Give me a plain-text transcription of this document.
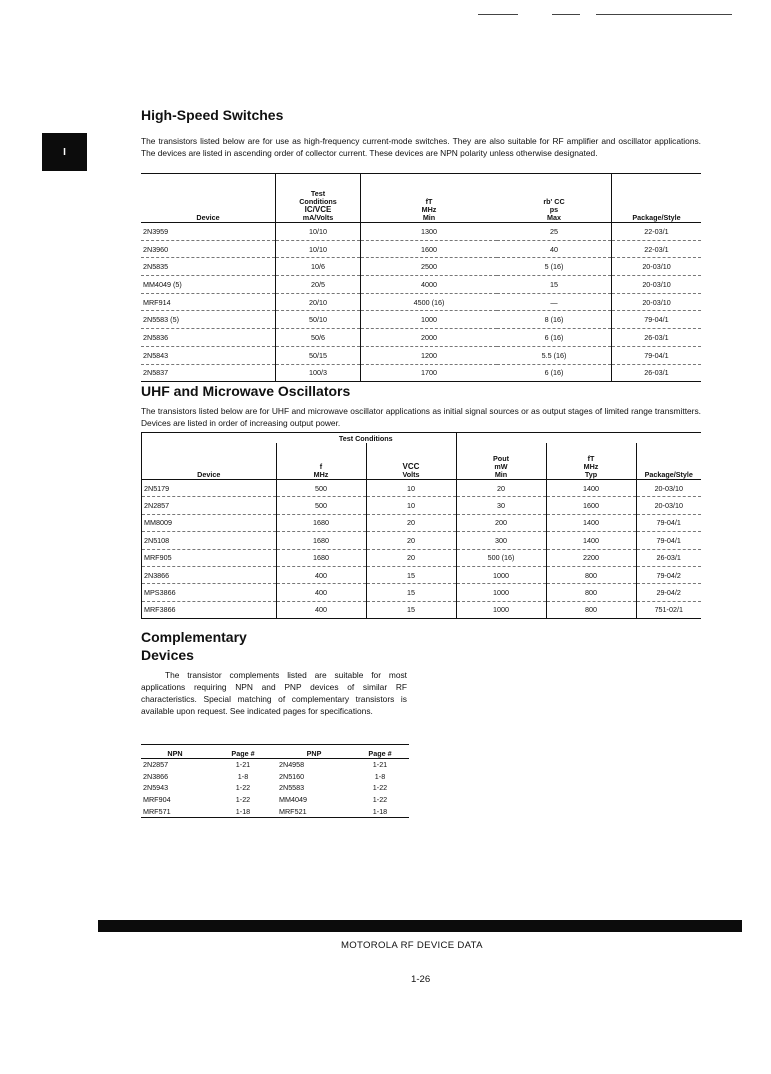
I
High-Speed Switches

The transistors listed below are for use as high-frequency current-mode switches. They are also suitable for RF amplifier and oscillator applications. The devices are listed in ascending order of collector current. These devices are NPN polarity unless otherwise designated.

Device	Test
Conditions
IC/VCE
mA/Volts	fT
MHz
Min	rb' CC
ps
Max	Package/Style
2N3959	10/10	1300	25	22-03/1
2N3960	10/10	1600	40	22-03/1
2N5835	10/6	2500	5 (16)	20-03/10
MM4049 (5)	20/5	4000	15	20-03/10
MRF914	20/10	4500 (16)	—	20-03/10
2N5583 (5)	50/10	1000	8 (16)	79-04/1
2N5836	50/6	2000	6 (16)	26-03/1
2N5843	50/15	1200	5.5 (16)	79-04/1
2N5837	100/3	1700	6 (16)	26-03/1
UHF and Microwave Oscillators

The transistors listed below are for UHF and microwave oscillator applications as initial signal sources or as output stages of limited range transmitters. Devices are listed in order of increasing output power.

	Test Conditions				
Device	f
MHz	VCC
Volts	Pout
mW
Min	fT
MHz
Typ	Package/Style
2N5179	500	10	20	1400	20-03/10
2N2857	500	10	30	1600	20-03/10
MM8009	1680	20	200	1400	79-04/1
2N5108	1680	20	300	1400	79-04/1
MRF905	1680	20	500 (16)	2200	26-03/1
2N3866	400	15	1000	800	79-04/2
MPS3866	400	15	1000	800	29-04/2
MRF3866	400	15	1000	800	751-02/1
Complementary
Devices

The transistor complements listed are suitable for most applications requiring NPN and PNP devices of similar RF characteristics. Special matching of complementary transistors is available upon request. See indicated pages for specifications.

NPN	Page #	PNP	Page #
2N2857	1-21	2N4958	1-21
2N3866	1-8	2N5160	1-8
2N5943	1-22	2N5583	1-22
MRF904	1-22	MM4049	1-22
MRF571	1-18	MRF521	1-18
MOTOROLA RF DEVICE DATA
1-26
